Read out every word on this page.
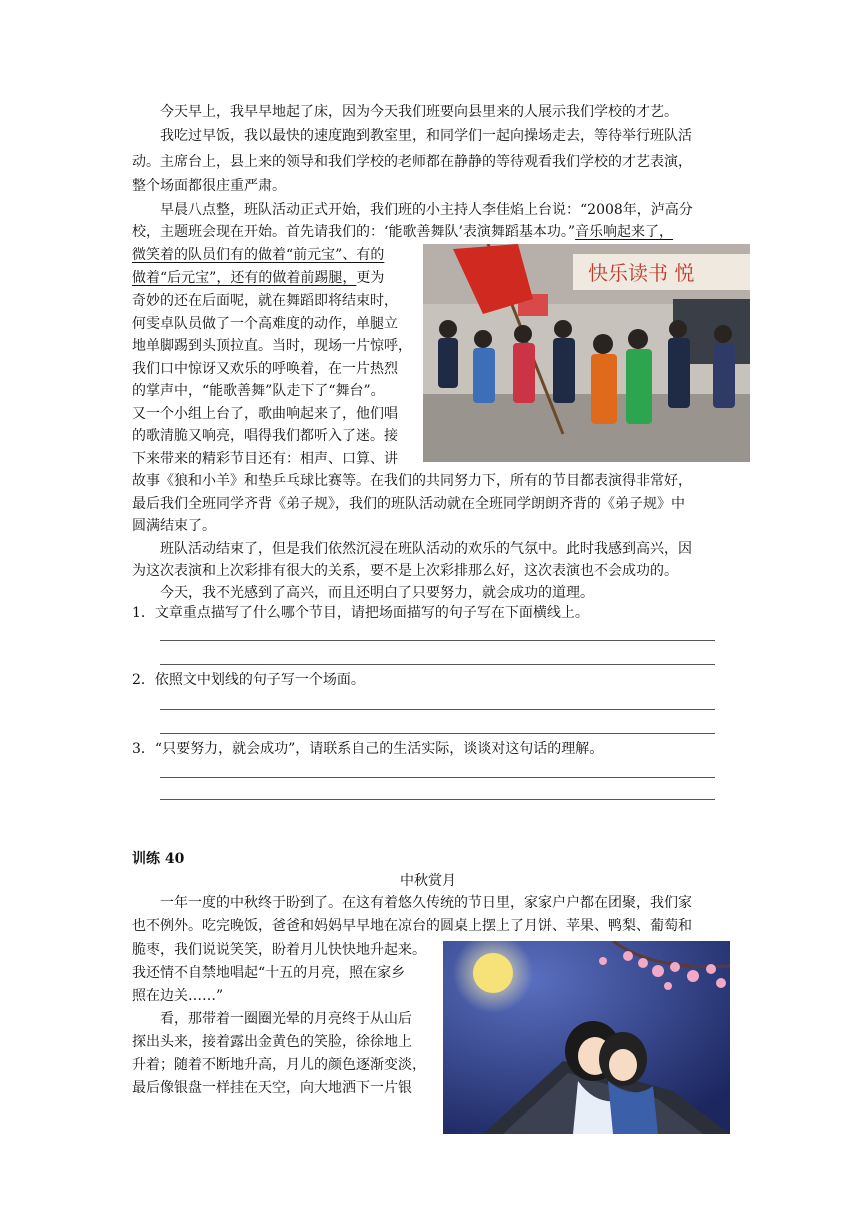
今天早上，我早早地起了床，因为今天我们班要向县里来的人展示我们学校的才艺。
我吃过早饭，我以最快的速度跑到教室里，和同学们一起向操场走去，等待举行班队活
动。主席台上，县上来的领导和我们学校的老师都在静静的等待观看我们学校的才艺表演，
整个场面都很庄重严肃。
早晨八点整，班队活动正式开始，我们班的小主持人李佳焰上台说：“2008年，泸高分
校，主题班会现在开始。首先请我们的：‘能歌善舞队’表演舞蹈基本功。”音乐响起来了，
微笑着的队员们有的做着“前元宝”、有的
做着“后元宝”，还有的做着前踢腿，更为
奇妙的还在后面呢，就在舞蹈即将结束时，
何雯卓队员做了一个高难度的动作，单腿立
地单脚踢到头顶拉直。当时，现场一片惊呼，
我们口中惊讶又欢乐的呼唤着，在一片热烈
的掌声中，“能歌善舞”队走下了“舞台”。
又一个小组上台了，歌曲响起来了，他们唱
的歌清脆又响亮，唱得我们都听入了迷。接
下来带来的精彩节目还有：相声、口算、讲
故事《狼和小羊》和垫乒乓球比赛等。在我们的共同努力下，所有的节目都表演得非常好，
最后我们全班同学齐背《弟子规》，我们的班队活动就在全班同学朗朗齐背的《弟子规》中
圆满结束了。
班队活动结束了，但是我们依然沉浸在班队活动的欢乐的气氛中。此时我感到高兴，因
为这次表演和上次彩排有很大的关系，要不是上次彩排那么好，这次表演也不会成功的。
今天，我不光感到了高兴，而且还明白了只要努力，就会成功的道理。
快乐读书 悦
1．文章重点描写了什么哪个节目，请把场面描写的句子写在下面横线上。
2．依照文中划线的句子写一个场面。
3．“只要努力，就会成功”，请联系自己的生活实际，谈谈对这句话的理解。
训练 40
中秋赏月
一年一度的中秋终于盼到了。在这有着悠久传统的节日里，家家户户都在团聚，我们家
也不例外。吃完晚饭，爸爸和妈妈早早地在凉台的圆桌上摆上了月饼、苹果、鸭梨、葡萄和
脆枣，我们说说笑笑，盼着月儿快快地升起来。
我还情不自禁地唱起“十五的月亮，照在家乡
照在边关……”
看，那带着一圈圈光晕的月亮终于从山后
探出头来，接着露出金黄色的笑脸，徐徐地上
升着；随着不断地升高，月儿的颜色逐渐变淡，
最后像银盘一样挂在天空，向大地洒下一片银
